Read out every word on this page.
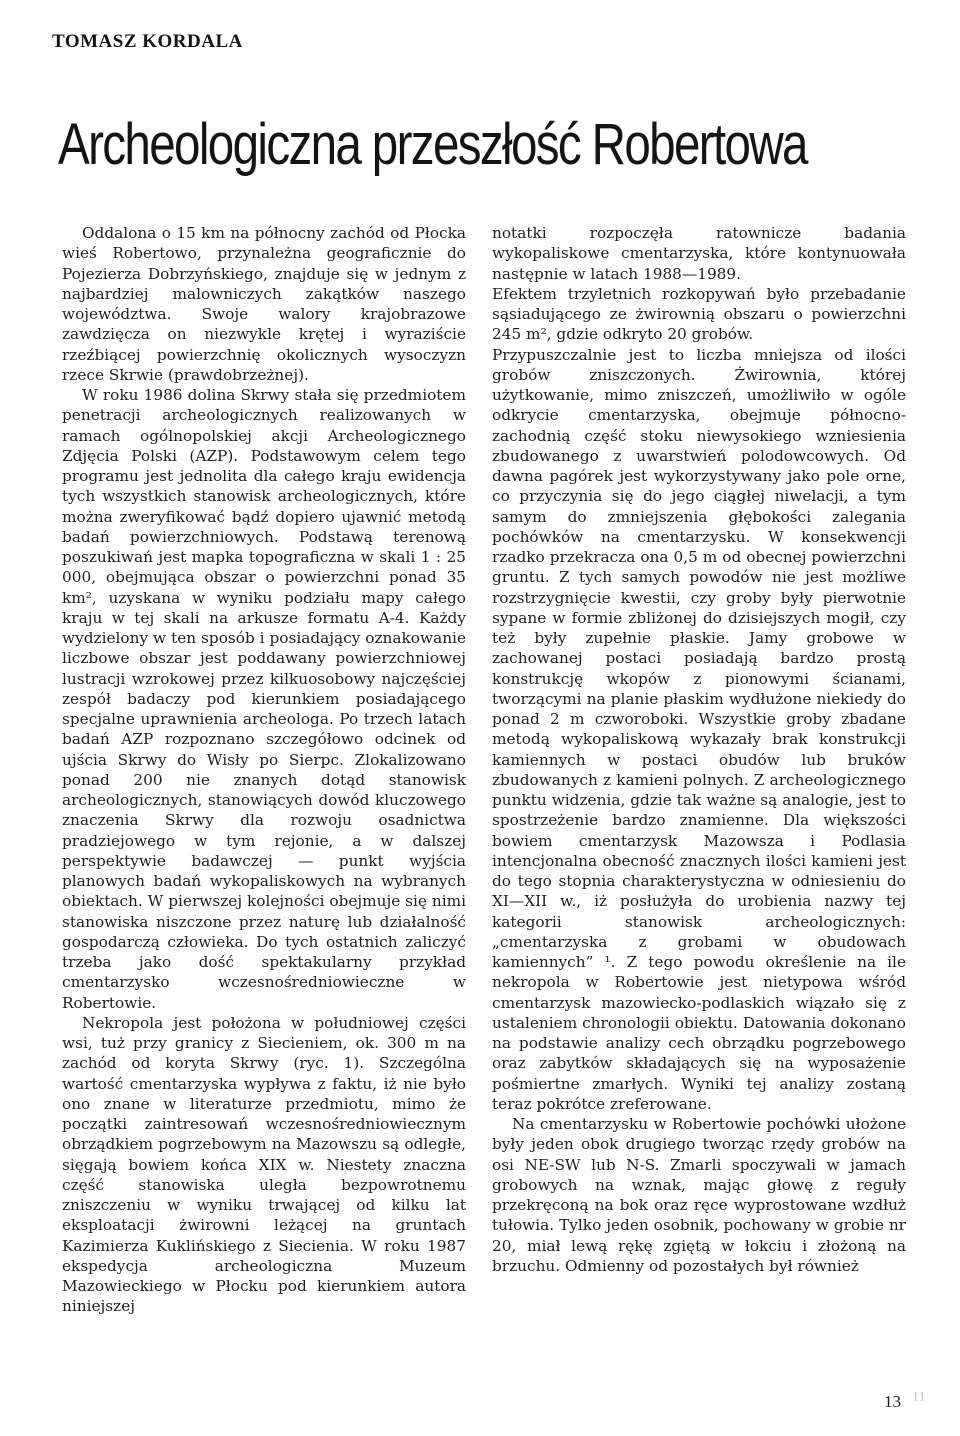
TOMASZ KORDALA
Archeologiczna przeszłość Robertowa

Oddalona o 15 km na północny zachód od Płocka wieś Robertowo, przynależna geograficznie do Pojezierza Dobrzyńskiego, znajduje się w jednym z najbardziej malowniczych zakątków naszego województwa. Swoje walory krajobrazowe zawdzięcza on niezwykle krętej i wyraziście rzeźbiącej powierzchnię okolicznych wysoczyzn rzece Skrwie (prawdobrzeżnej).

W roku 1986 dolina Skrwy stała się przedmiotem penetracji archeologicznych realizowanych w ramach ogólnopolskiej akcji Archeologicznego Zdjęcia Polski (AZP). Podstawowym celem tego programu jest jednolita dla całego kraju ewidencja tych wszystkich stanowisk archeologicznych, które można zweryfikować bądź dopiero ujawnić metodą badań powierzchniowych. Podstawą terenową poszukiwań jest mapka topograficzna w skali 1 : 25 000, obejmująca obszar o powierzchni ponad 35 km², uzyskana w wyniku podziału mapy całego kraju w tej skali na arkusze formatu A-4. Każdy wydzielony w ten sposób i posiadający oznakowanie liczbowe obszar jest poddawany powierzchniowej lustracji wzrokowej przez kilkuosobowy najczęściej zespół badaczy pod kierunkiem posiadającego specjalne uprawnienia archeologa. Po trzech latach badań AZP rozpoznano szczegółowo odcinek od ujścia Skrwy do Wisły po Sierpc. Zlokalizowano ponad 200 nie znanych dotąd stanowisk archeologicznych, stanowiących dowód kluczowego znaczenia Skrwy dla rozwoju osadnictwa pradziejowego w tym rejonie, a w dalszej perspektywie badawczej — punkt wyjścia planowych badań wykopaliskowych na wybranych obiektach. W pierwszej kolejności obejmuje się nimi stanowiska niszczone przez naturę lub działalność gospodarczą człowieka. Do tych ostatnich zaliczyć trzeba jako dość spektakularny przykład cmentarzysko wczesnośredniowieczne w Robertowie.

Nekropola jest położona w południowej części wsi, tuż przy granicy z Siecieniem, ok. 300 m na zachód od koryta Skrwy (ryc. 1). Szczególna wartość cmentarzyska wypływa z faktu, iż nie było ono znane w literaturze przedmiotu, mimo że początki zaintresowań wczesnośredniowiecznym obrządkiem pogrzebowym na Mazowszu są odległe, sięgają bowiem końca XIX w. Niestety znaczna część stanowiska uległa bezpowrotnemu zniszczeniu w wyniku trwającej od kilku lat eksploatacji żwirowni leżącej na gruntach Kazimierza Kuklińskiego z Siecienia. W roku 1987 ekspedycja archeologiczna Muzeum Mazowieckiego w Płocku pod kierunkiem autora niniejszej

notatki rozpoczęła ratownicze badania wykopaliskowe cmentarzyska, które kontynuowała następnie w latach 1988—1989.

Efektem trzyletnich rozkopywań było przebadanie sąsiadującego ze żwirownią obszaru o powierzchni 245 m², gdzie odkryto 20 grobów.

Przypuszczalnie jest to liczba mniejsza od ilości grobów zniszczonych. Żwirownia, której użytkowanie, mimo zniszczeń, umożliwiło w ogóle odkrycie cmentarzyska, obejmuje północno-zachodnią część stoku niewysokiego wzniesienia zbudowanego z uwarstwień polodowcowych. Od dawna pagórek jest wykorzystywany jako pole orne, co przyczynia się do jego ciągłej niwelacji, a tym samym do zmniejszenia głębokości zalegania pochówków na cmentarzysku. W konsekwencji rzadko przekracza ona 0,5 m od obecnej powierzchni gruntu. Z tych samych powodów nie jest możliwe rozstrzygnięcie kwestii, czy groby były pierwotnie sypane w formie zbliżonej do dzisiejszych mogił, czy też były zupełnie płaskie. Jamy grobowe w zachowanej postaci posiadają bardzo prostą konstrukcję wkopów z pionowymi ścianami, tworzącymi na planie płaskim wydłużone niekiedy do ponad 2 m czworoboki. Wszystkie groby zbadane metodą wykopaliskową wykazały brak konstrukcji kamiennych w postaci obudów lub bruków zbudowanych z kamieni polnych. Z archeologicznego punktu widzenia, gdzie tak ważne są analogie, jest to spostrzeżenie bardzo znamienne. Dla większości bowiem cmentarzysk Mazowsza i Podlasia intencjonalna obecność znacznych ilości kamieni jest do tego stopnia charakterystyczna w odniesieniu do XI—XII w., iż posłużyła do urobienia nazwy tej kategorii stanowisk archeologicznych: „cmentarzyska z grobami w obudowach kamiennych” ¹. Z tego powodu określenie na ile nekropola w Robertowie jest nietypowa wśród cmentarzysk mazowiecko-podlaskich wiązało się z ustaleniem chronologii obiektu. Datowania dokonano na podstawie analizy cech obrządku pogrzebowego oraz zabytków składających się na wyposażenie pośmiertne zmarłych. Wyniki tej analizy zostaną teraz pokrótce zreferowane.

Na cmentarzysku w Robertowie pochówki ułożone były jeden obok drugiego tworząc rzędy grobów na osi NE-SW lub N-S. Zmarli spoczywali w jamach grobowych na wznak, mając głowę z reguły przekręconą na bok oraz ręce wyprostowane wzdłuż tułowia. Tylko jeden osobnik, pochowany w grobie nr 20, miał lewą rękę zgiętą w łokciu i złożoną na brzuchu. Odmienny od pozostałych był również

13 11
